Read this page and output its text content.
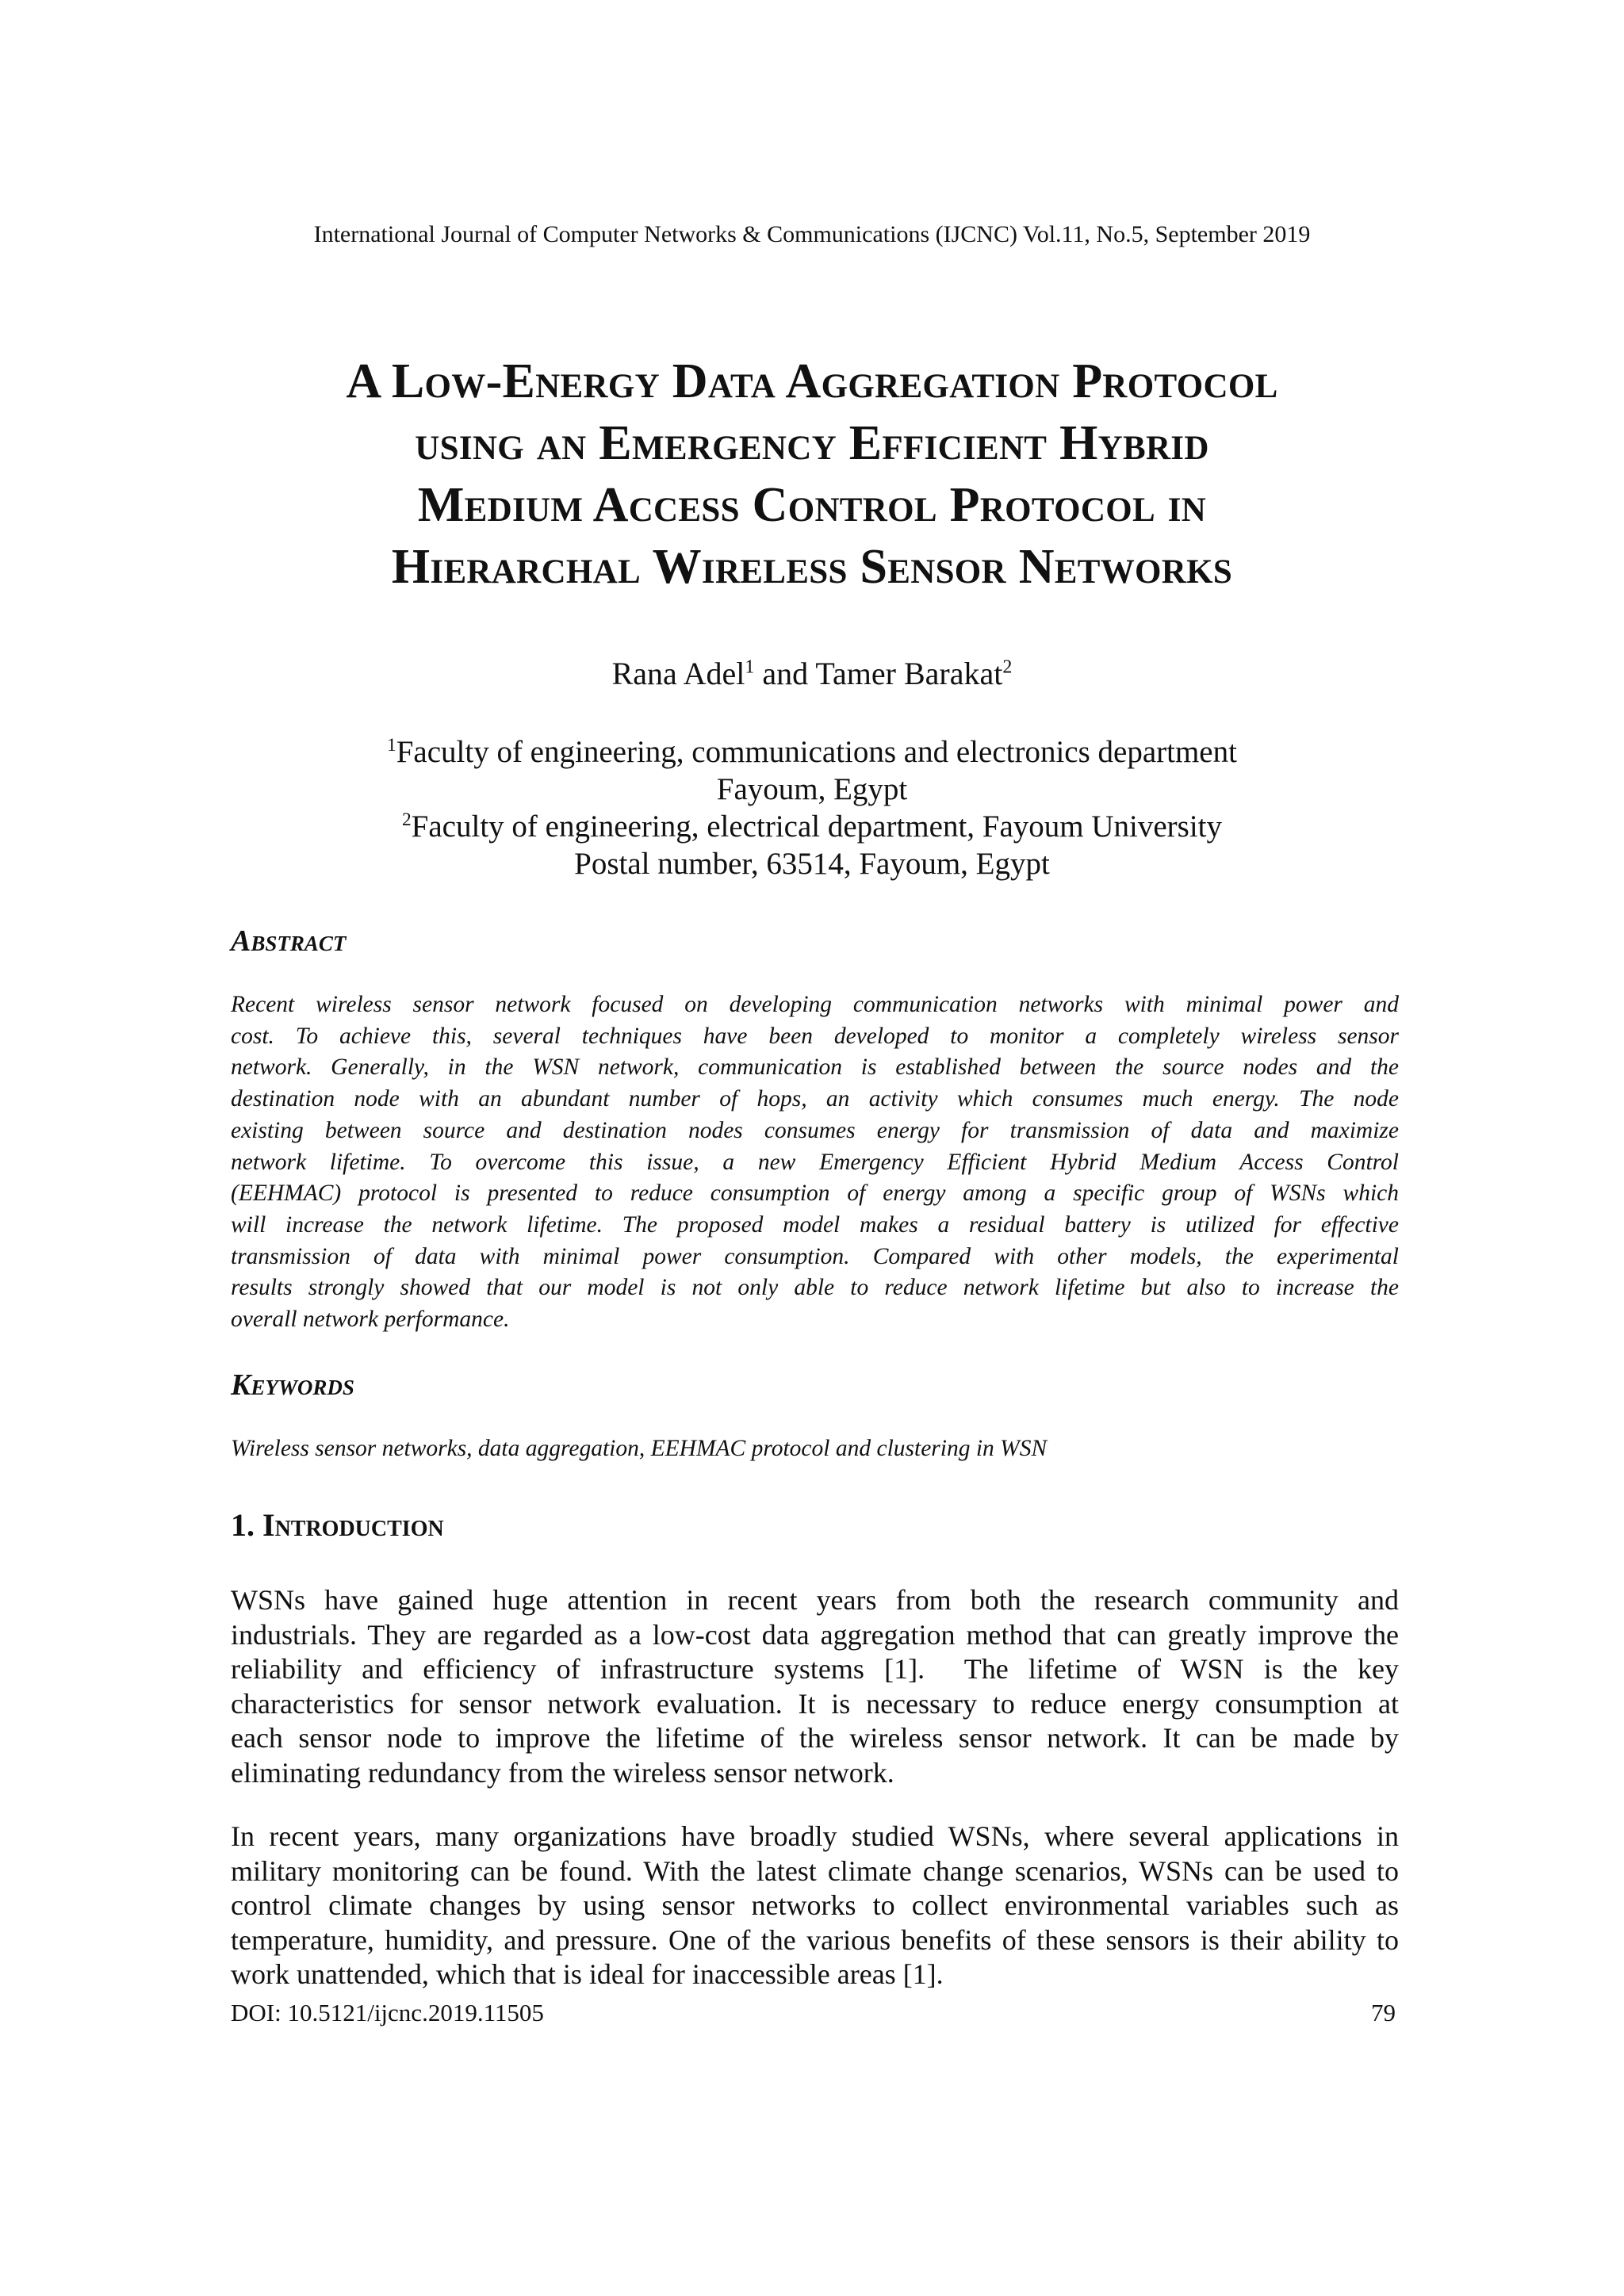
International Journal of Computer Networks & Communications (IJCNC) Vol.11, No.5, September 2019
A Low-Energy Data Aggregation Protocol
using an Emergency Efficient Hybrid
Medium Access Control Protocol in
Hierarchal Wireless Sensor Networks
Rana Adel$^1$ and Tamer Barakat$^2$
$^1$Faculty of engineering, communications and electronics department
Fayoum, Egypt
$^2$Faculty of engineering, electrical department, Fayoum University
Postal number, 63514, Fayoum, Egypt
Abstract
Recent wireless sensor network focused on developing communication networks with minimal power and
cost. To achieve this, several techniques have been developed to monitor a completely wireless sensor
network. Generally, in the WSN network, communication is established between the source nodes and the
destination node with an abundant number of hops, an activity which consumes much energy. The node
existing between source and destination nodes consumes energy for transmission of data and maximize
network lifetime. To overcome this issue, a new Emergency Efficient Hybrid Medium Access Control
(EEHMAC) protocol is presented to reduce consumption of energy among a specific group of WSNs which
will increase the network lifetime. The proposed model makes a residual battery is utilized for effective
transmission of data with minimal power consumption. Compared with other models, the experimental
results strongly showed that our model is not only able to reduce network lifetime but also to increase the
overall network performance.
Keywords
Wireless sensor networks, data aggregation, EEHMAC protocol and clustering in WSN
1. Introduction
WSNs have gained huge attention in recent years from both the research community and
industrials. They are regarded as a low-cost data aggregation method that can greatly improve the
reliability and efficiency of infrastructure systems [1].  The lifetime of WSN is the key
characteristics for sensor network evaluation. It is necessary to reduce energy consumption at
each sensor node to improve the lifetime of the wireless sensor network. It can be made by
eliminating redundancy from the wireless sensor network.
In recent years, many organizations have broadly studied WSNs, where several applications in
military monitoring can be found. With the latest climate change scenarios, WSNs can be used to
control climate changes by using sensor networks to collect environmental variables such as
temperature, humidity, and pressure. One of the various benefits of these sensors is their ability to
work unattended, which that is ideal for inaccessible areas [1].
DOI: 10.5121/ijcnc.2019.11505	79
